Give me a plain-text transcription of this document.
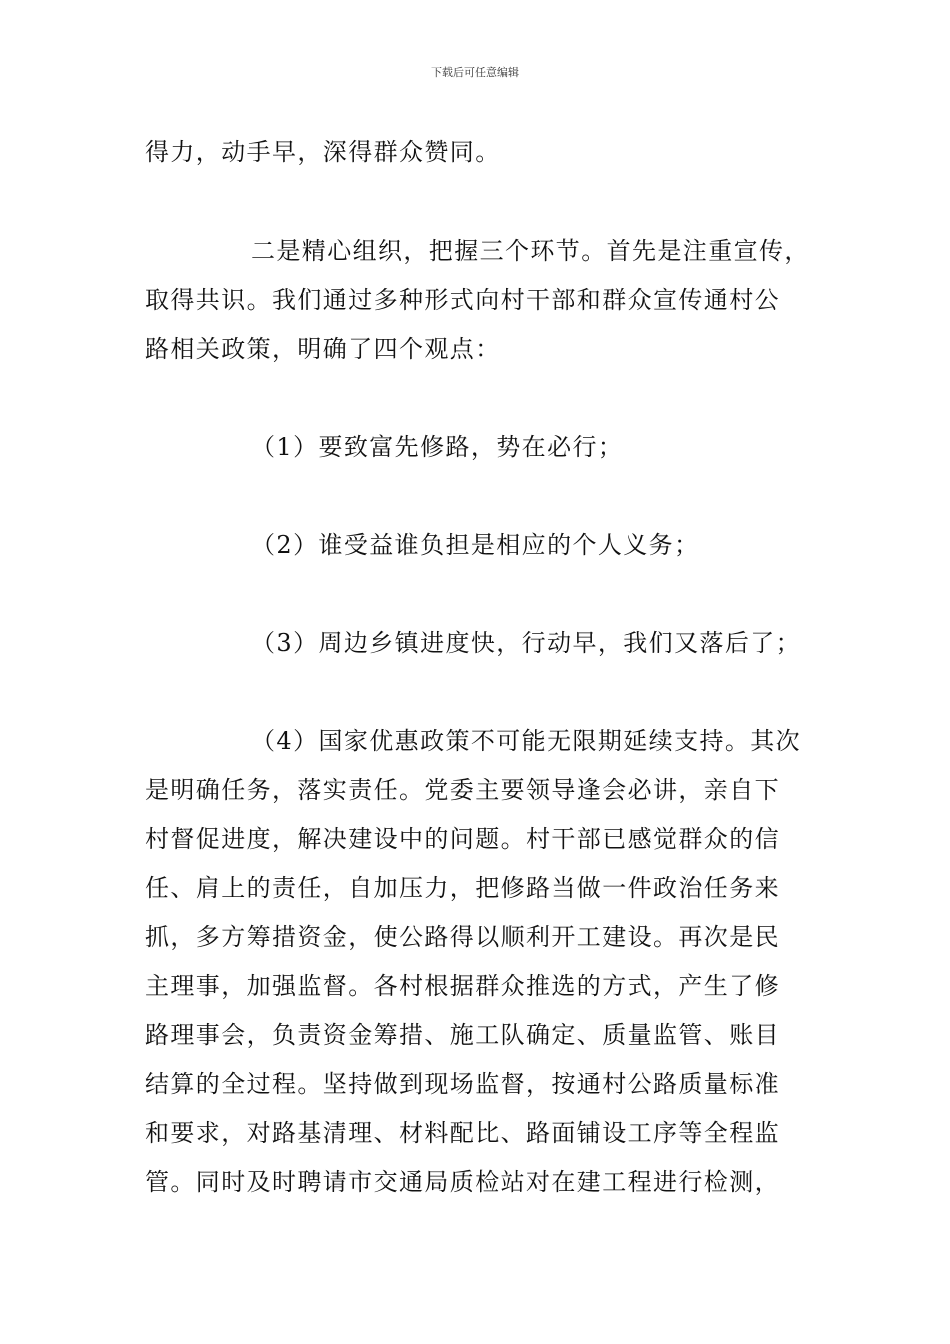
下载后可任意编辑
得力，动手早，深得群众赞同。
二是精心组织，把握三个环节。首先是注重宣传，
取得共识。我们通过多种形式向村干部和群众宣传通村公
路相关政策，明确了四个观点：
（1）要致富先修路，势在必行；
（2）谁受益谁负担是相应的个人义务；
（3）周边乡镇进度快，行动早，我们又落后了；
（4）国家优惠政策不可能无限期延续支持。其次
是明确任务，落实责任。党委主要领导逢会必讲，亲自下
村督促进度，解决建设中的问题。村干部已感觉群众的信
任、肩上的责任，自加压力，把修路当做一件政治任务来
抓，多方筹措资金，使公路得以顺利开工建设。再次是民
主理事，加强监督。各村根据群众推选的方式，产生了修
路理事会，负责资金筹措、施工队确定、质量监管、账目
结算的全过程。坚持做到现场监督，按通村公路质量标准
和要求，对路基清理、材料配比、路面铺设工序等全程监
管。同时及时聘请市交通局质检站对在建工程进行检测，
